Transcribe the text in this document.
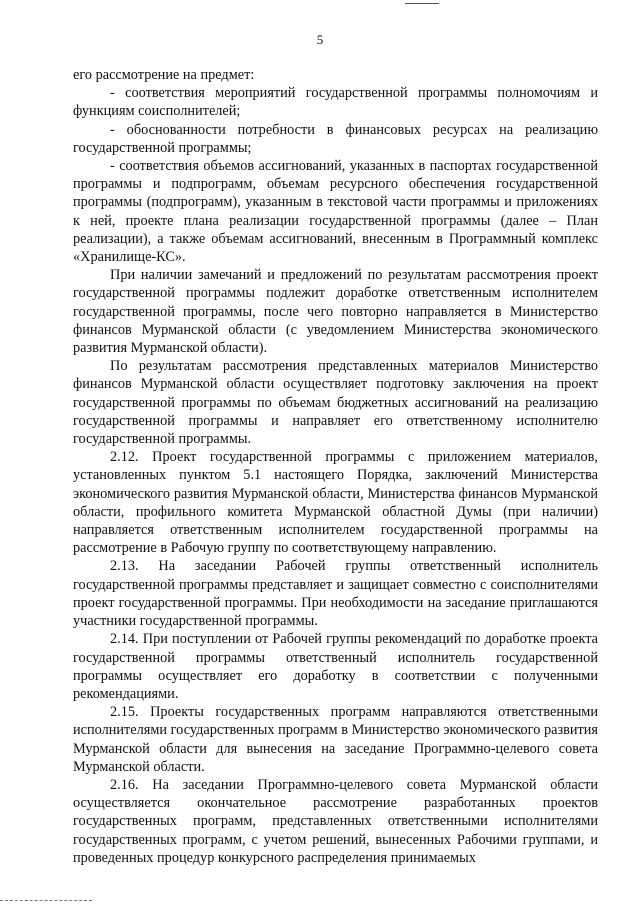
5

его рассмотрение на предмет:

- соответствия мероприятий государственной программы полномочиям и функциям соисполнителей;

- обоснованности потребности в финансовых ресурсах на реализацию государственной программы;

- соответствия объемов ассигнований, указанных в паспортах государственной программы и подпрограмм, объемам ресурсного обеспечения государственной программы (подпрограмм), указанным в текстовой части программы и приложениях к ней, проекте плана реализации государственной программы (далее – План реализации), а также объемам ассигнований, внесенным в Программный комплекс «Хранилище-КС».

При наличии замечаний и предложений по результатам рассмотрения проект государственной программы подлежит доработке ответственным исполнителем государственной программы, после чего повторно направляется в Министерство финансов Мурманской области (с уведомлением Министерства экономического развития Мурманской области).

По результатам рассмотрения представленных материалов Министерство финансов Мурманской области осуществляет подготовку заключения на проект государственной программы по объемам бюджетных ассигнований на реализацию государственной программы и направляет его ответственному исполнителю государственной программы.

2.12. Проект государственной программы с приложением материалов, установленных пунктом 5.1 настоящего Порядка, заключений Министерства экономического развития Мурманской области, Министерства финансов Мурманской области, профильного комитета Мурманской областной Думы (при наличии) направляется ответственным исполнителем государственной программы на рассмотрение в Рабочую группу по соответствующему направлению.

2.13. На заседании Рабочей группы ответственный исполнитель государственной программы представляет и защищает совместно с соисполнителями проект государственной программы. При необходимости на заседание приглашаются участники государственной программы.

2.14. При поступлении от Рабочей группы рекомендаций по доработке проекта государственной программы ответственный исполнитель государственной программы осуществляет его доработку в соответствии с полученными рекомендациями.

2.15. Проекты государственных программ направляются ответственными исполнителями государственных программ в Министерство экономического развития Мурманской области для вынесения на заседание Программно-целевого совета Мурманской области.

2.16. На заседании Программно-целевого совета Мурманской области осуществляется окончательное рассмотрение разработанных проектов государственных программ, представленных ответственными исполнителями государственных программ, с учетом решений, вынесенных Рабочими группами, и проведенных процедур конкурсного распределения принимаемых
